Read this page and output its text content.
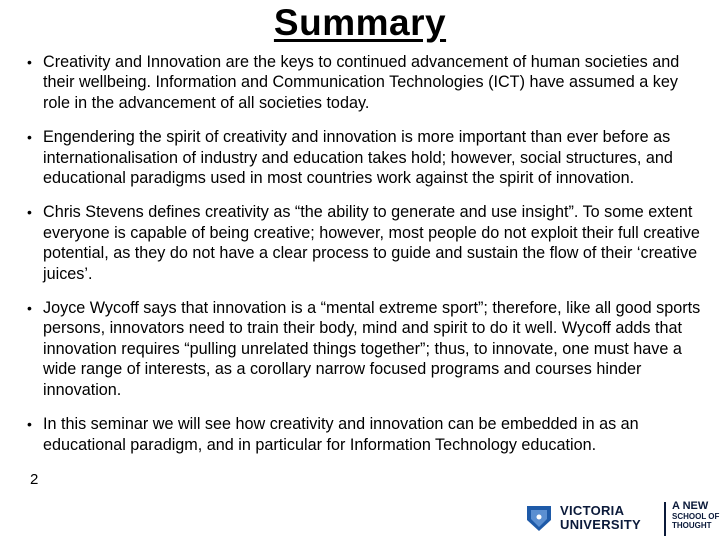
Summary
• Creativity and Innovation are the keys to continued advancement of human societies and their wellbeing. Information and Communication Technologies (ICT) have assumed a key role in the advancement of all societies today.
• Engendering the spirit of creativity and innovation is more important than ever before as internationalisation of industry and education takes hold; however, social structures, and educational paradigms used in most countries work against the spirit of innovation.
• Chris Stevens defines creativity as “the ability to generate and use insight”. To some extent everyone is capable of being creative; however, most people do not exploit their full creative potential, as they do not have a clear process to guide and sustain the flow of their ‘creative juices’.
• Joyce Wycoff says that innovation is a “mental extreme sport”; therefore, like all good sports persons, innovators need to train their body, mind and spirit to do it well. Wycoff adds that innovation requires “pulling unrelated things together”; thus, to innovate, one must have a wide range of interests, as a corollary narrow focused programs and courses hinder innovation.
• In this seminar we will see how creativity and innovation can be embedded in as an educational paradigm, and in particular for Information Technology education.
2
VICTORIA
UNIVERSITY
A NEW
SCHOOL OF
THOUGHT
